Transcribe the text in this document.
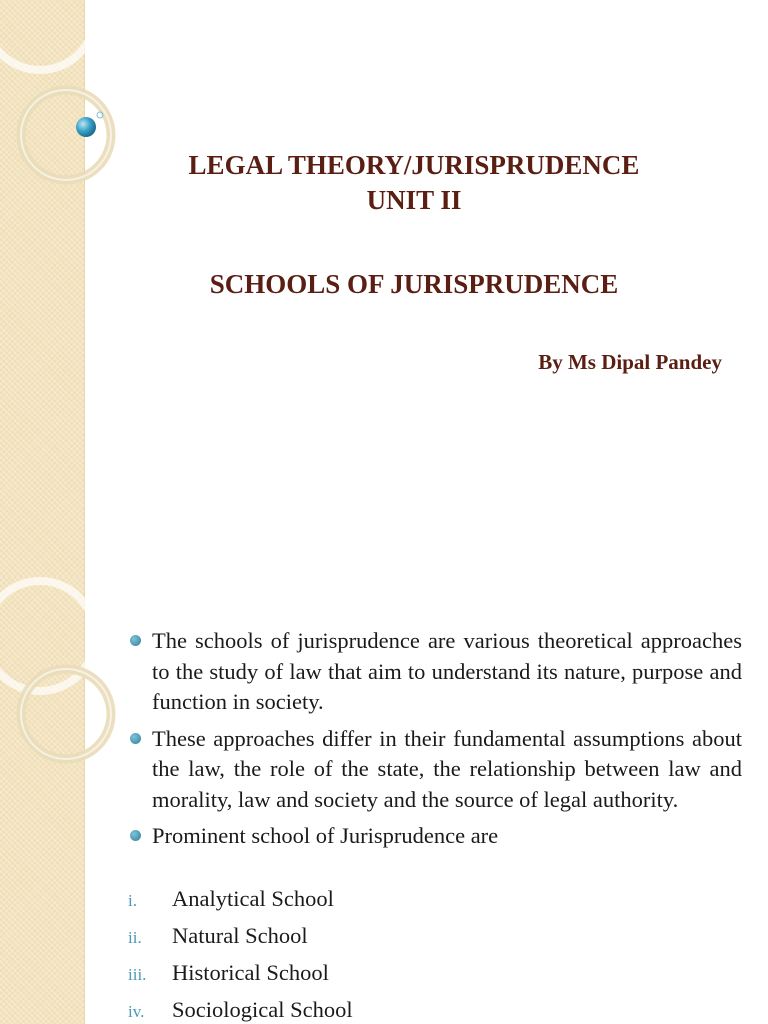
LEGAL THEORY/JURISPRUDENCE
UNIT II
SCHOOLS OF JURISPRUDENCE
By Ms Dipal Pandey
The schools of jurisprudence are various theoretical approaches to the study of law that aim to understand its nature, purpose and function in society.
These approaches differ in their fundamental assumptions about the law, the role of the state, the relationship between law and morality, law and society and the source of legal authority.
Prominent school of Jurisprudence are
i. Analytical School
ii. Natural School
iii. Historical School
iv. Sociological School
